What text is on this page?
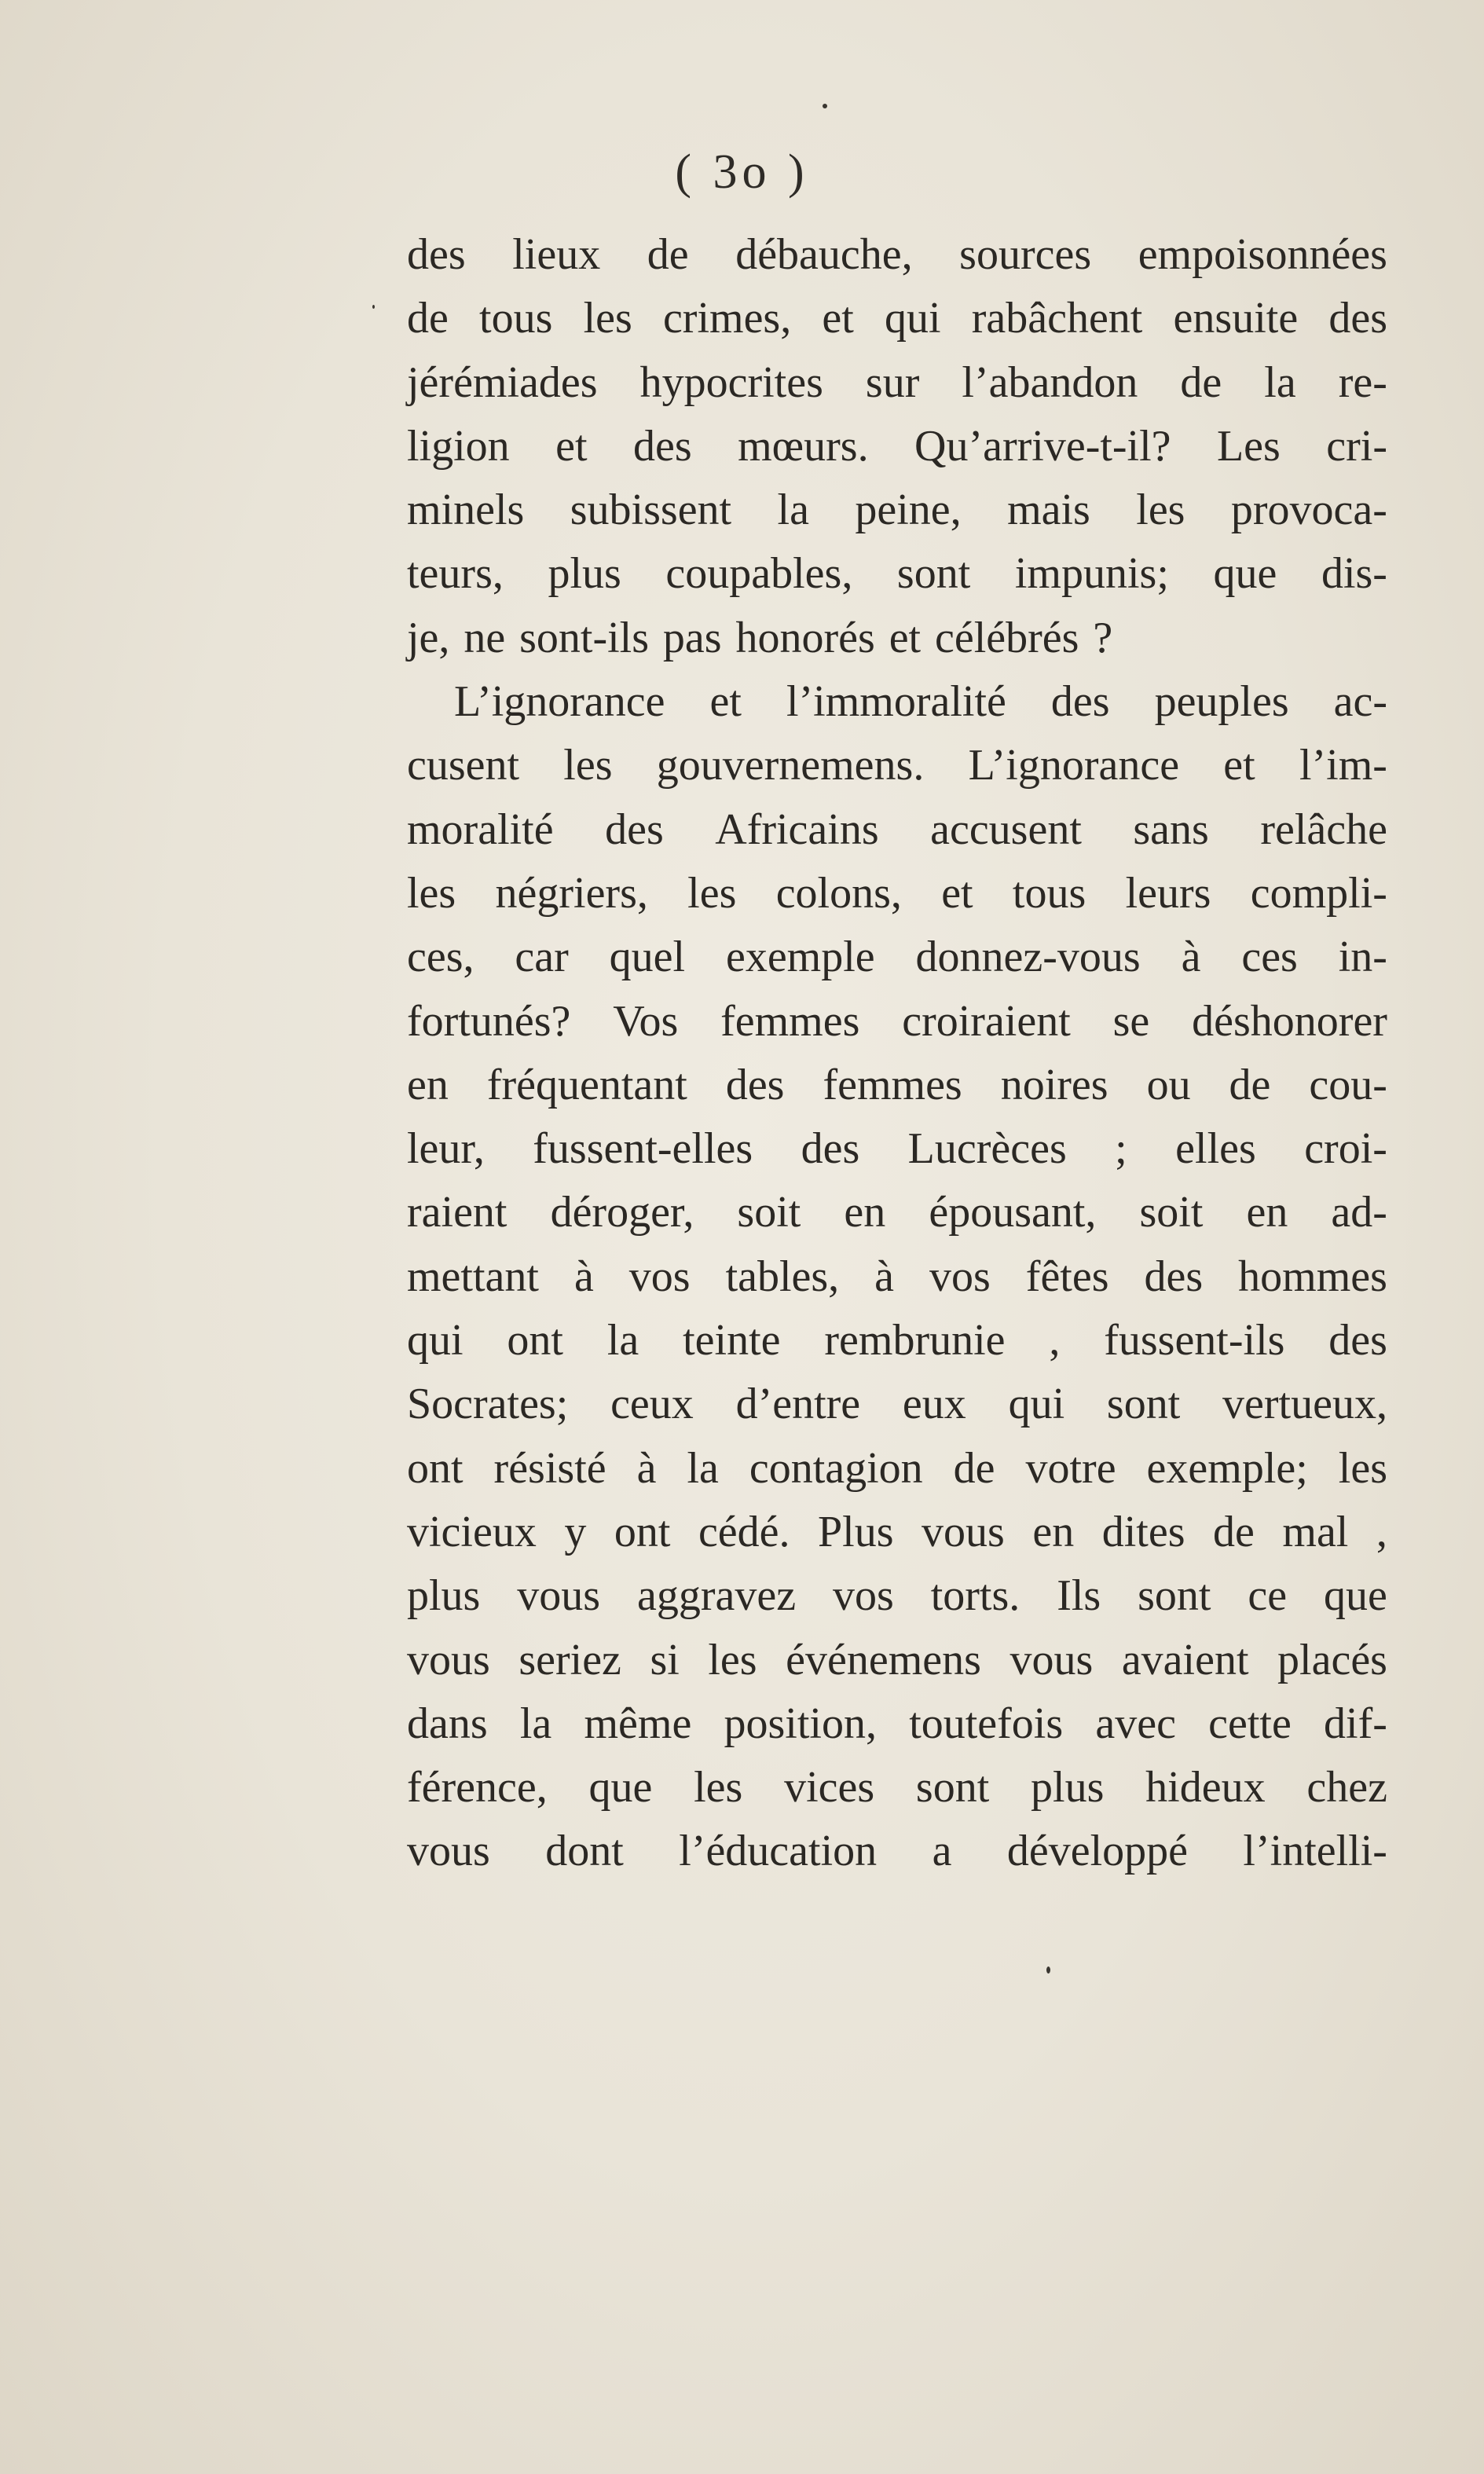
( 3o )
des lieux de débauche, sources empoisonnées
de tous les crimes, et qui rabâchent ensuite des
jérémiades hypocrites sur l’abandon de la re-
ligion et des mœurs. Qu’arrive-t-il? Les cri-
minels subissent la peine, mais les provoca-
teurs, plus coupables, sont impunis; que dis-
je, ne sont-ils pas honorés et célébrés ?
L’ignorance et l’immoralité des peuples ac-
cusent les gouvernemens. L’ignorance et l’im-
moralité des Africains accusent sans relâche
les négriers, les colons, et tous leurs compli-
ces, car quel exemple donnez-vous à ces in-
fortunés? Vos femmes croiraient se déshonorer
en fréquentant des femmes noires ou de cou-
leur, fussent-elles des Lucrèces ; elles croi-
raient déroger, soit en épousant, soit en ad-
mettant à vos tables, à vos fêtes des hommes
qui ont la teinte rembrunie , fussent-ils des
Socrates; ceux d’entre eux qui sont vertueux,
ont résisté à la contagion de votre exemple; les
vicieux y ont cédé. Plus vous en dites de mal ,
plus vous aggravez vos torts. Ils sont ce que
vous seriez si les événemens vous avaient placés
dans la même position, toutefois avec cette dif-
férence, que les vices sont plus hideux chez
vous dont l’éducation a développé l’intelli-
